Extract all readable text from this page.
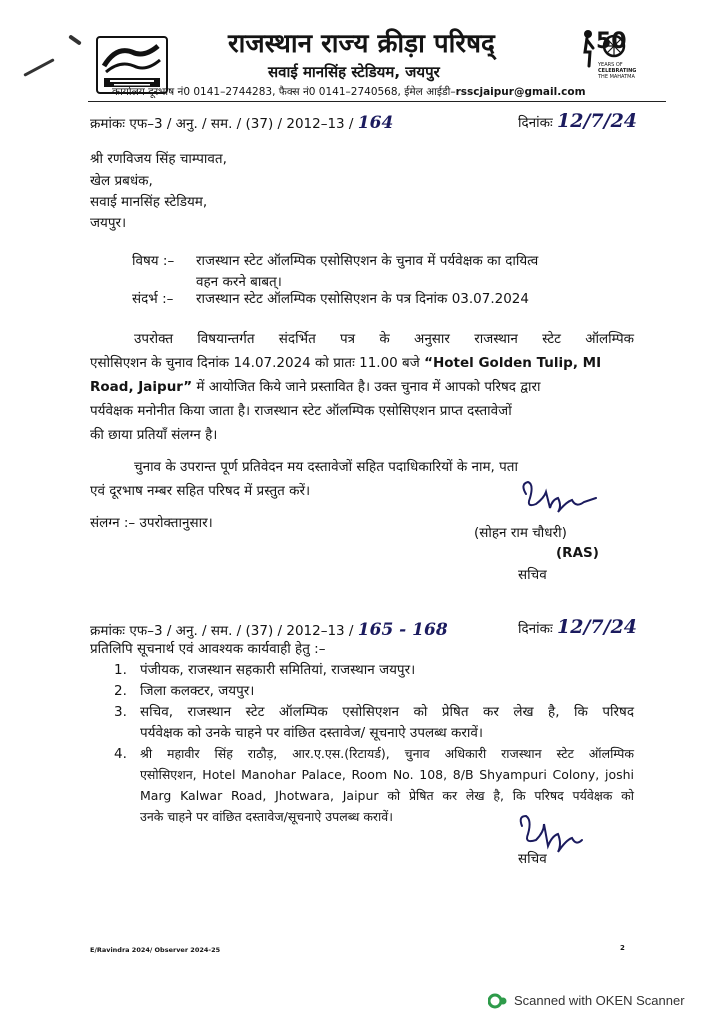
राजस्थान राज्य क्रीड़ा परिषद्
सवाई मानसिंह स्टेडियम, जयपुर
कार्यालय दूरभाष नं0 0141–2744283, फैक्स नं0 0141–2740568, ईमेल आईडी–rsscjaipur@gmail.com
50
YEARS OF
CELEBRATING
THE MAHATMA
क्रमांकः एफ–3 / अनु. / सम. / (37) / 2012–13 / 164	दिनांकः 12/7/24
श्री रणविजय सिंह चाम्पावत,
खेल प्रबधंक,
सवाई मानसिंह स्टेडियम,
जयपुर।
विषय :– राजस्थान स्टेट ऑलम्पिक एसोसिएशन के चुनाव में पर्यवेक्षक का दायित्व
वहन करने बाबत्।
संदर्भ :– राजस्थान स्टेट ऑलम्पिक एसोसिएशन के पत्र दिनांक 03.07.2024
उपरोक्त विषयान्तर्गत संदर्भित पत्र के अनुसार राजस्थान स्टेट ऑलम्पिक
एसोसिएशन के चुनाव दिनांक 14.07.2024 को प्रातः 11.00 बजे “Hotel Golden Tulip, MI
Road, Jaipur” में आयोजित किये जाने प्रस्तावित है। उक्त चुनाव में आपको परिषद द्वारा
पर्यवेक्षक मनोनीत किया जाता है। राजस्थान स्टेट ऑलम्पिक एसोसिएशन प्राप्त दस्तावेजों
की छाया प्रतियाँ संलग्न है।
चुनाव के उपरान्त पूर्ण प्रतिवेदन मय दस्तावेजों सहित पदाधिकारियों के नाम, पता
एवं दूरभाष नम्बर सहित परिषद में प्रस्तुत करें।
संलग्न :– उपरोक्तानुसार।
(सोहन राम चौधरी)
(RAS)
सचिव
क्रमांकः एफ–3 / अनु. / सम. / (37) / 2012–13 / 165 - 168	दिनांकः 12/7/24
प्रतिलिपि सूचनार्थ एवं आवश्यक कार्यवाही हेतु :–
1. पंजीयक, राजस्थान सहकारी समितियां, राजस्थान जयपुर।
2. जिला कलक्टर, जयपुर।
3. सचिव, राजस्थान स्टेट ऑलम्पिक एसोसिएशन को प्रेषित कर लेख है, कि परिषद
पर्यवेक्षक को उनके चाहने पर वांछित दस्तावेज/ सूचनाऐ उपलब्ध करावें।
4. श्री महावीर सिंह राठौड़, आर.ए.एस.(रिटायर्ड), चुनाव अधिकारी राजस्थान स्टेट ऑलम्पिक
एसोसिएशन, Hotel Manohar Palace, Room No. 108, 8/B Shyampuri Colony, joshi
Marg Kalwar Road, Jhotwara, Jaipur को प्रेषित कर लेख है, कि परिषद पर्यवेक्षक को
उनके चाहने पर वांछित दस्तावेज/सूचनाऐ उपलब्ध करावें।
सचिव
E/Ravindra 2024/ Observer 2024-25	2
Scanned with OKEN Scanner
